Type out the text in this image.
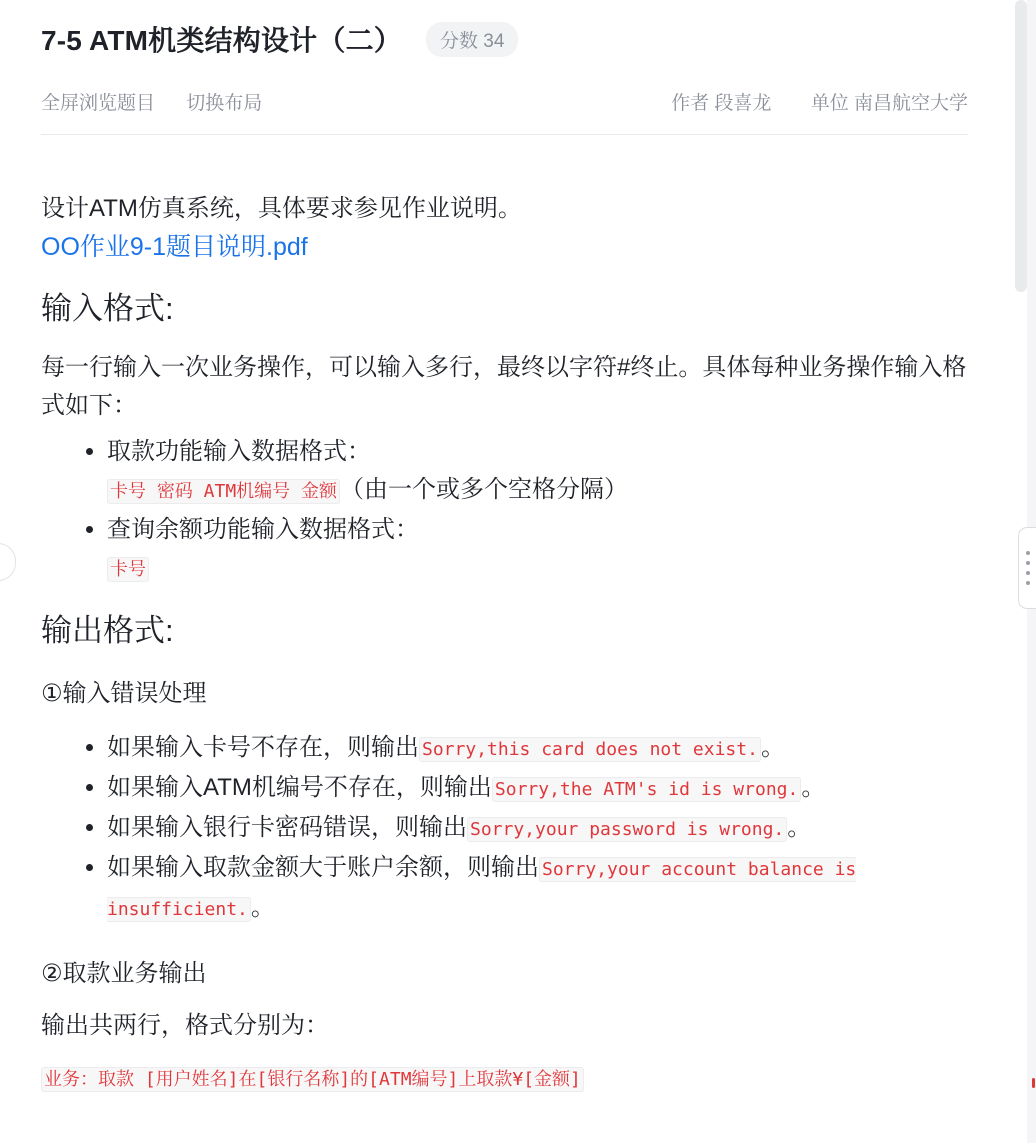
7-5 ATM机类结构设计（二）	分数 34
全屏浏览题目 切换布局	作者 段喜龙 单位 南昌航空大学

设计ATM仿真系统，具体要求参见作业说明。

OO作业9-1题目说明.pdf

输入格式:

每一行输入一次业务操作，可以输入多行，最终以字符#终止。具体每种业务操作输入格式如下：

• 取款功能输入数据格式：
卡号 密码 ATM机编号 金额 （由一个或多个空格分隔）
• 查询余额功能输入数据格式：
卡号
输出格式:

①输入错误处理

• 如果输入卡号不存在，则输出 Sorry,this card does not exist. 。
• 如果输入ATM机编号不存在，则输出 Sorry,the ATM's id is wrong. 。
• 如果输入银行卡密码错误，则输出 Sorry,your password is wrong. 。
• 如果输入取款金额大于账户余额，则输出 Sorry,your account balance is insufficient. 。

②取款业务输出

输出共两行，格式分别为：

业务：取款 [用户姓名]在[银行名称]的[ATM编号]上取款¥[金额]
